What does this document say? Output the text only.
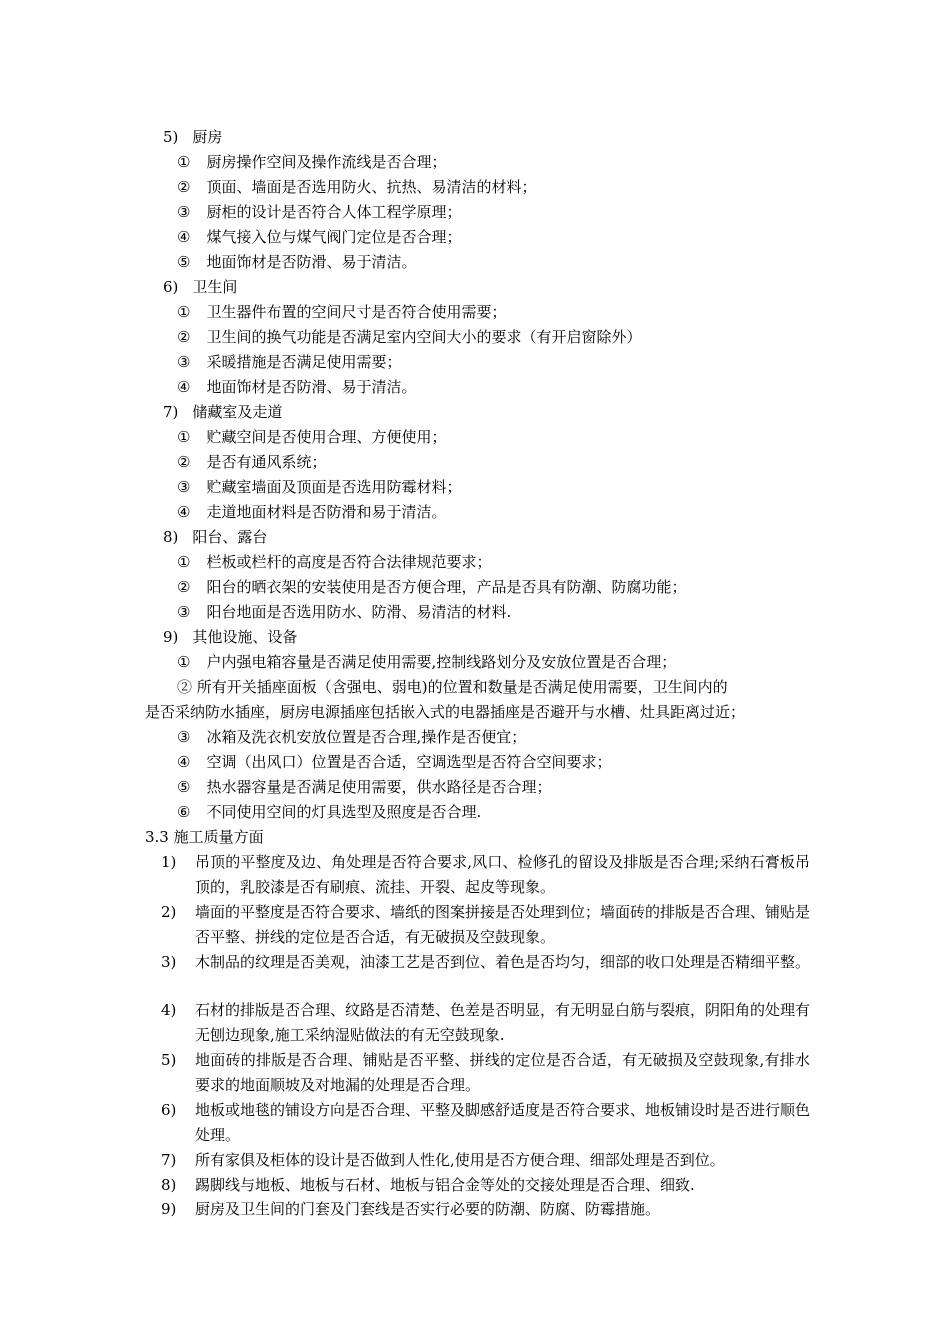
5) 厨房
① 厨房操作空间及操作流线是否合理；
② 顶面、墙面是否选用防火、抗热、易清洁的材料；
③ 厨柜的设计是否符合人体工程学原理；
④ 煤气接入位与煤气阀门定位是否合理；
⑤ 地面饰材是否防滑、易于清洁。
6) 卫生间
① 卫生器件布置的空间尺寸是否符合使用需要；
② 卫生间的换气功能是否满足室内空间大小的要求（有开启窗除外）
③ 采暖措施是否满足使用需要；
④ 地面饰材是否防滑、易于清洁。
7) 储藏室及走道
① 贮藏空间是否使用合理、方便使用；
② 是否有通风系统；
③ 贮藏室墙面及顶面是否选用防霉材料；
④ 走道地面材料是否防滑和易于清洁。
8) 阳台、露台
① 栏板或栏杆的高度是否符合法律规范要求；
② 阳台的晒衣架的安装使用是否方便合理，产品是否具有防潮、防腐功能；
③ 阳台地面是否选用防水、防滑、易清洁的材料.
9) 其他设施、设备
① 户内强电箱容量是否满足使用需要,控制线路划分及安放位置是否合理；
② 所有开关插座面板（含强电、弱电)的位置和数量是否满足使用需要，卫生间内的
是否采纳防水插座，厨房电源插座包括嵌入式的电器插座是否避开与水槽、灶具距离过近；
③ 冰箱及洗衣机安放位置是否合理,操作是否便宜；
④ 空调（出风口）位置是否合适，空调选型是否符合空间要求；
⑤ 热水器容量是否满足使用需要，供水路径是否合理；
⑥ 不同使用空间的灯具选型及照度是否合理.
3.3 施工质量方面
1) 吊顶的平整度及边、角处理是否符合要求,风口、检修孔的留设及排版是否合理;采纳石膏板吊顶的，乳胶漆是否有刷痕、流挂、开裂、起皮等现象。
2) 墙面的平整度是否符合要求、墙纸的图案拼接是否处理到位；墙面砖的排版是否合理、铺贴是否平整、拼线的定位是否合适，有无破损及空鼓现象。
3) 木制品的纹理是否美观，油漆工艺是否到位、着色是否均匀，细部的收口处理是否精细平整。
4) 石材的排版是否合理、纹路是否清楚、色差是否明显，有无明显白筋与裂痕，阴阳角的处理有无刨边现象,施工采纳湿贴做法的有无空鼓现象.
5) 地面砖的排版是否合理、铺贴是否平整、拼线的定位是否合适，有无破损及空鼓现象,有排水要求的地面顺坡及对地漏的处理是否合理。
6) 地板或地毯的铺设方向是否合理、平整及脚感舒适度是否符合要求、地板铺设时是否进行顺色处理。
7) 所有家俱及柜体的设计是否做到人性化,使用是否方便合理、细部处理是否到位。
8) 踢脚线与地板、地板与石材、地板与铝合金等处的交接处理是否合理、细致.
9) 厨房及卫生间的门套及门套线是否实行必要的防潮、防腐、防霉措施。
